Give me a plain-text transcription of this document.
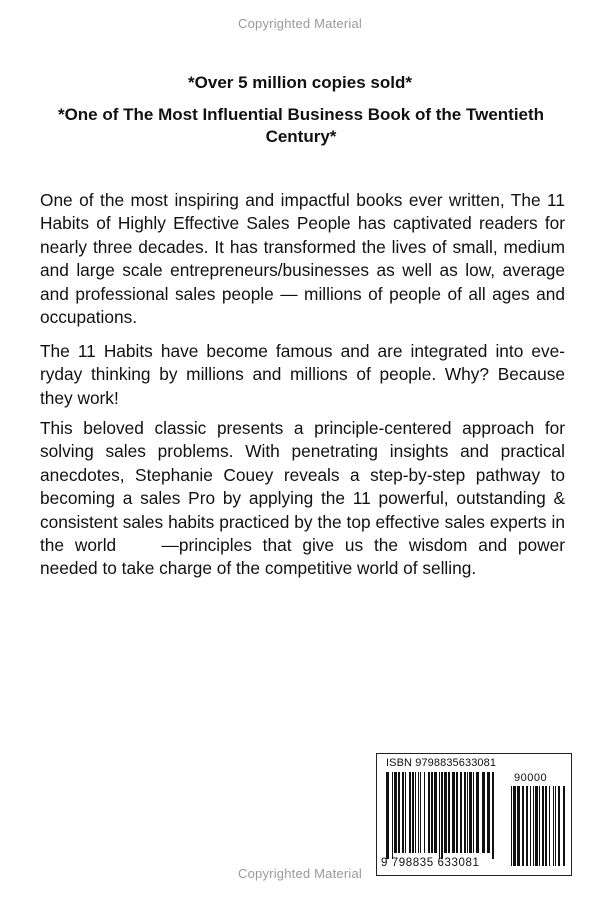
Copyrighted Material
*Over 5 million copies sold*
*One of The Most Influential Business Book of the Twentieth Century*
One of the most inspiring and impactful books ever written, The 11 Habits of Highly Effective Sales People has captivated readers for nearly three decades. It has transformed the lives of small, medium and large scale entrepreneurs/businesses as well as low, average and professional sales people — millions of people of all ages and occupations.
The 11 Habits have become famous and are integrated into everyday thinking by millions and millions of people. Why? Because they work!
This beloved classic presents a principle-centered approach for solving sales problems. With penetrating insights and practical anecdotes, Stephanie Couey reveals a step-by-step pathway to becoming a sales Pro by applying the 11 powerful, outstanding & consistent sales habits practiced by the top effective sales experts in the world   —principles that give us the wisdom and power needed to take charge of the competitive world of selling.
ISBN 9798835633081
90000
9 798835 633081
Copyrighted Material
